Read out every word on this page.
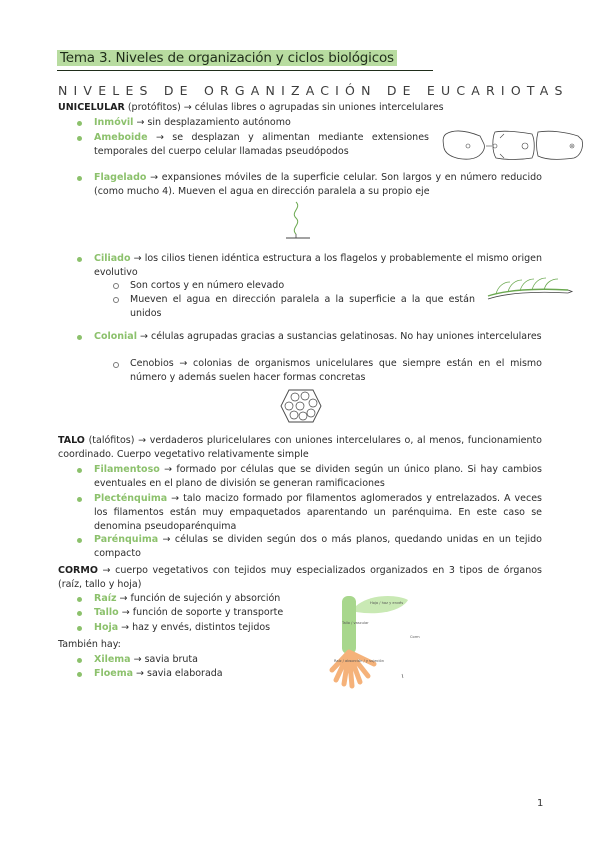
Tema 3. Niveles de organización y ciclos biológicos
NIVELES DE ORGANIZACIÓN DE EUCARIOTAS
UNICELULAR (protófitos) → células libres o agrupadas sin uniones intercelulares
Inmóvil → sin desplazamiento autónomo
Ameboide → se desplazan y alimentan mediante extensiones temporales del cuerpo celular llamadas pseudópodos
Flagelado → expansiones móviles de la superficie celular. Son largos y en número reducido (como mucho 4). Mueven el agua en dirección paralela a su propio eje
Ciliado → los cilios tienen idéntica estructura a los flagelos y probablemente el mismo origen evolutivo
Son cortos y en número elevado
Mueven el agua en dirección paralela a la superficie a la que están unidos
Colonial → células agrupadas gracias a sustancias gelatinosas. No hay uniones intercelulares
Cenobios → colonias de organismos unicelulares que siempre están en el mismo número y además suelen hacer formas concretas
TALO (talófitos) → verdaderos pluricelulares con uniones intercelulares o, al menos, funcionamiento coordinado. Cuerpo vegetativo relativamente simple
Filamentoso → formado por células que se dividen según un único plano. Si hay cambios eventuales en el plano de división se generan ramificaciones
Plecténquima → talo macizo formado por filamentos aglomerados y entrelazados. A veces los filamentos están muy empaquetados aparentando un parénquima. En este caso se denomina pseudoparénquima
Parénquima → células se dividen según dos o más planos, quedando unidas en un tejido compacto
CORMO → cuerpo vegetativos con tejidos muy especializados organizados en 3 tipos de órganos (raíz, tallo y hoja)
Raíz → función de sujeción y absorción
Tallo → función de soporte y transporte
Hoja → haz y envés, distintos tejidos
También hay:
Xilema → savia bruta
Floema → savia elaborada
Hoja / haz y envés
Tallo / vascular
Raíz / absorción / y sujeción
Corm
1
